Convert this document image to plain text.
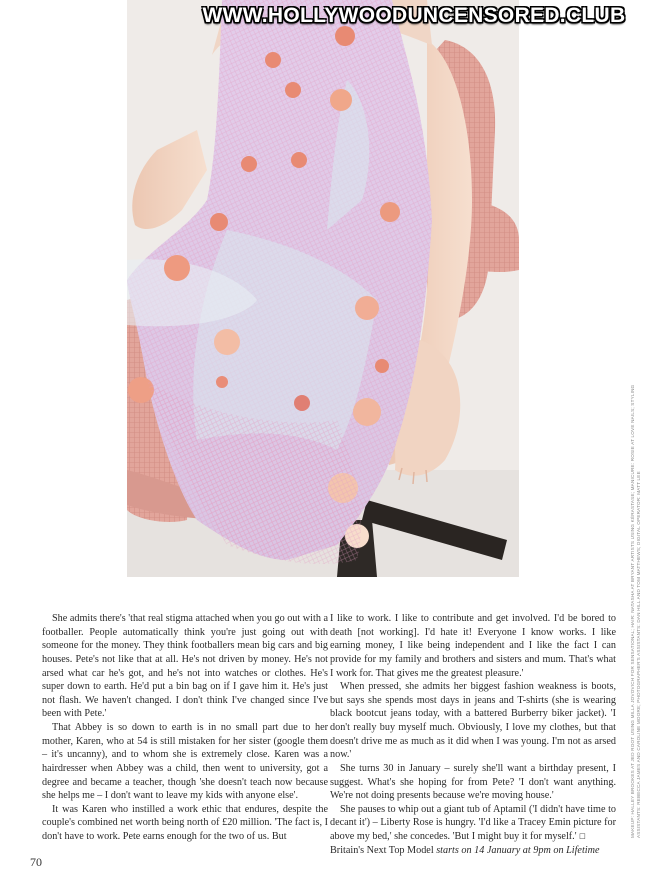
WWW.HOLLYWOODUNCENSORED.CLUB
MAKEUP: HALLEY BROOKES AT JED ROOT USING MILLA JOVOVICH FOR SENSATIONAL; HAIR: NATASHA AT BRYANT ARTISTS USING KÉRASTASE; MANICURE: ROSIE AT LOVE NAILS; STYLING ASSISTANTS: REBECCA JAMES AND CAROLINE MOORE; PHOTOGRAPHER'S ASSISTANTS: DAN HILL AND TOM MATTHEWS; DIGITAL OPERATOR: MATT LEE

She admits there's 'that real stigma attached when you go out with a footballer. People automatically think you're just going out with someone for the money. They think footballers mean big cars and big houses. Pete's not like that at all. He's not driven by money. He's not arsed what car he's got, and he's not into watches or clothes. He's super down to earth. He'd put a bin bag on if I gave him it. He's just not flash. We haven't changed. I don't think I've changed since I've been with Pete.'

That Abbey is so down to earth is in no small part due to her mother, Karen, who at 54 is still mistaken for her sister (google them – it's uncanny), and to whom she is extremely close. Karen was a hairdresser when Abbey was a child, then went to university, got a degree and became a teacher, though 'she doesn't teach now because she helps me – I don't want to leave my kids with anyone else'.

It was Karen who instilled a work ethic that endures, despite the couple's combined net worth being north of £20 million. 'The fact is, I don't have to work. Pete earns enough for the two of us. But

I like to work. I like to contribute and get involved. I'd be bored to death [not working]. I'd hate it! Everyone I know works. I like earning money, I like being independent and I like the fact I can provide for my family and brothers and sisters and mum. That's what I work for. That gives me the greatest pleasure.'

When pressed, she admits her biggest fashion weakness is boots, but says she spends most days in jeans and T-shirts (she is wearing black bootcut jeans today, with a battered Burberry biker jacket). 'I don't really buy myself much. Obviously, I love my clothes, but that doesn't drive me as much as it did when I was young. I'm not as arsed now.'

She turns 30 in January – surely she'll want a birthday present, I suggest. What's she hoping for from Pete? 'I don't want anything. We're not doing presents because we're moving house.'

She pauses to whip out a giant tub of Aptamil ('I didn't have time to decant it') – Liberty Rose is hungry. 'I'd like a Tracey Emin picture for above my bed,' she concedes. 'But I might buy it for myself.' □

Britain's Next Top Model starts on 14 January at 9pm on Lifetime

70
